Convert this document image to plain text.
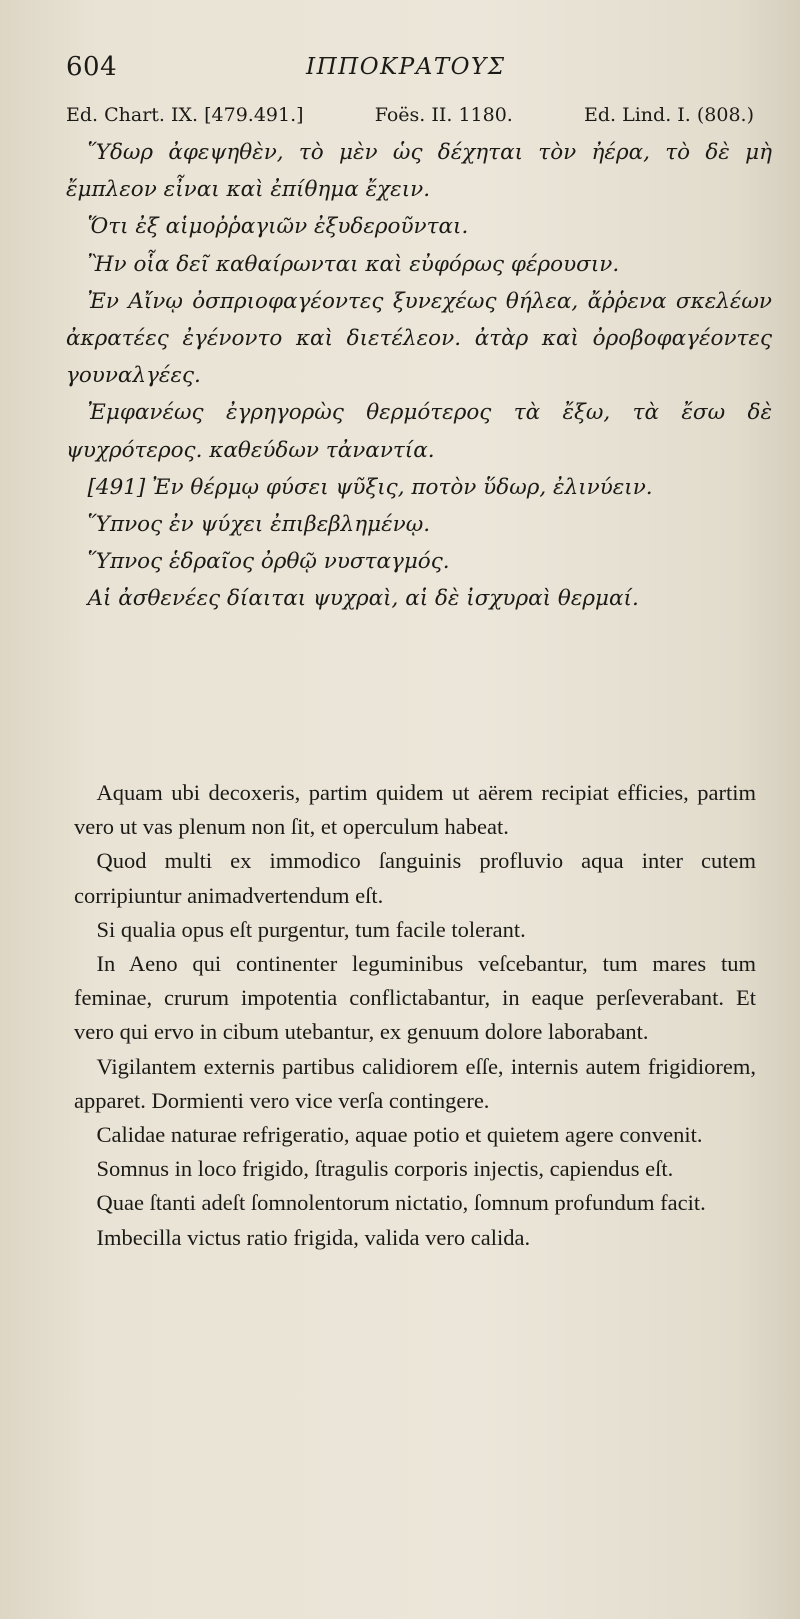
604	ΙΠΠΟΚΡΑΤΟΥΣ
Ed. Chart. IX. [479.491.]	Foës. II. 1180.	Ed. Lind. I. (808.)

Ὕδωρ ἀφεψηθὲν, τὸ μὲν ὡς δέχηται τὸν ἠέρα, τὸ δὲ μὴ ἔμπλεον εἶναι καὶ ἐπίθημα ἔχειν.

Ὅτι ἐξ αἱμοῤῥαγιῶν ἐξυδεροῦνται.

Ἢν οἷα δεῖ καθαίρωνται καὶ εὐφόρως φέρουσιν.

Ἐν Αἴνῳ ὀσπριοφαγέοντες ξυνεχέως θήλεα, ἄῤῥενα σκελέων ἀκρατέες ἐγένοντο καὶ διετέλεον. ἀτὰρ καὶ ὀροβοφαγέοντες γουναλγέες.

Ἐμφανέως ἐγρηγορὼς θερμότερος τὰ ἔξω, τὰ ἔσω δὲ ψυχρότερος. καθεύδων τἀναντία.

[491] Ἐν θέρμῳ φύσει ψῦξις, ποτὸν ὕδωρ, ἐλινύειν.

Ὕπνος ἐν ψύχει ἐπιβεβλημένῳ.

Ὕπνος ἑδραῖος ὀρθῷ νυσταγμός.

Αἱ ἀσθενέες δίαιται ψυχραὶ, αἱ δὲ ἰσχυραὶ θερμαί.

Aquam ubi decoxeris, partim quidem ut aërem recipiat efficies, partim vero ut vas plenum non ſit, et operculum habeat.

Quod multi ex immodico ſanguinis profluvio aqua inter cutem corripiuntur animadvertendum eſt.

Si qualia opus eſt purgentur, tum facile tolerant.

In Aeno qui continenter leguminibus veſcebantur, tum mares tum feminae, crurum impotentia conflictabantur, in eaque perſeverabant. Et vero qui ervo in cibum utebantur, ex genuum dolore laborabant.

Vigilantem externis partibus calidiorem eſſe, internis autem frigidiorem, apparet. Dormienti vero vice verſa contingere.

Calidae naturae refrigeratio, aquae potio et quietem agere convenit.

Somnus in loco frigido, ſtragulis corporis injectis, capiendus eſt.

Quae ſtanti adeſt ſomnolentorum nictatio, ſomnum profundum facit.

Imbecilla victus ratio frigida, valida vero calida.
